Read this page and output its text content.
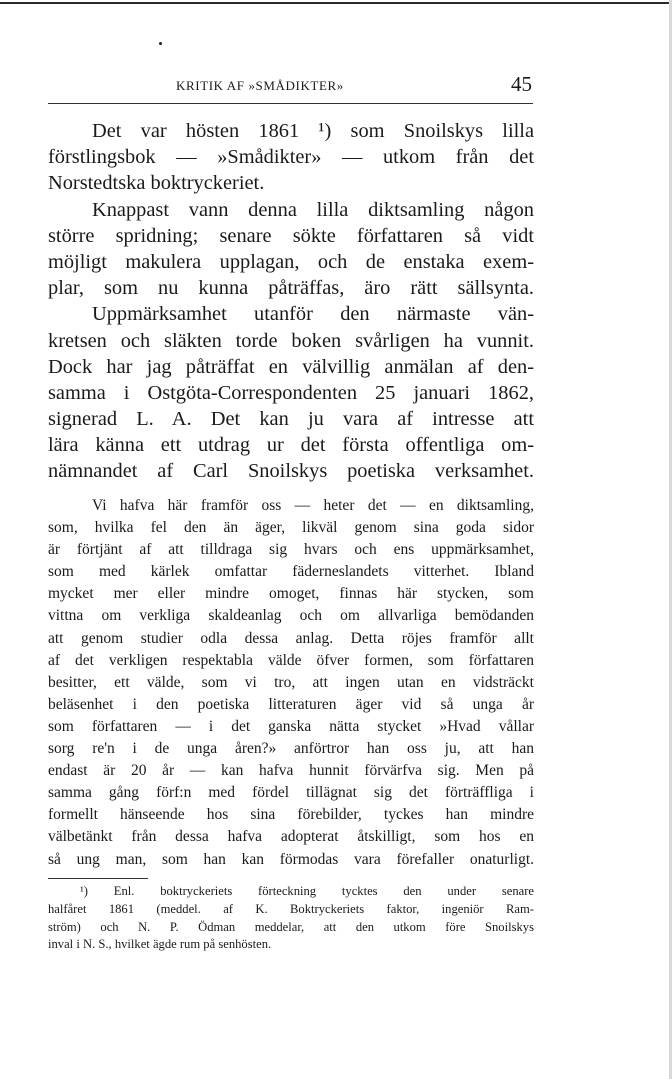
KRITIK AF »SMÅDIKTER»	45
Det var hösten 1861 ¹) som Snoilskys lilla
förstlingsbok — »Smådikter» — utkom från det
Norstedtska boktryckeriet.
Knappast vann denna lilla diktsamling någon
större spridning; senare sökte författaren så vidt
möjligt makulera upplagan, och de enstaka exem-
plar, som nu kunna påträffas, äro rätt sällsynta.
Uppmärksamhet utanför den närmaste vän-
kretsen och släkten torde boken svårligen ha vunnit.
Dock har jag påträffat en välvillig anmälan af den-
samma i Ostgöta-Correspondenten 25 januari 1862,
signerad L. A. Det kan ju vara af intresse att
lära känna ett utdrag ur det första offentliga om-
nämnandet af Carl Snoilskys poetiska verksamhet.
Vi hafva här framför oss — heter det — en diktsamling,
som, hvilka fel den än äger, likväl genom sina goda sidor
är förtjänt af att tilldraga sig hvars och ens uppmärksamhet,
som med kärlek omfattar fäderneslandets vitterhet. Ibland
mycket mer eller mindre omoget, finnas här stycken, som
vittna om verkliga skaldeanlag och om allvarliga bemödanden
att genom studier odla dessa anlag. Detta röjes framför allt
af det verkligen respektabla välde öfver formen, som författaren
besitter, ett välde, som vi tro, att ingen utan en vidsträckt
beläsenhet i den poetiska litteraturen äger vid så unga år
som författaren — i det ganska nätta stycket »Hvad vållar
sorg re'n i de unga åren?» anförtror han oss ju, att han
endast är 20 år — kan hafva hunnit förvärfva sig. Men på
samma gång förf:n med fördel tillägnat sig det förträffliga i
formellt hänseende hos sina förebilder, tyckes han mindre
välbetänkt från dessa hafva adopterat åtskilligt, som hos en
så ung man, som han kan förmodas vara förefaller onaturligt.
¹) Enl. boktryckeriets förteckning tycktes den under senare
halfåret 1861 (meddel. af K. Boktryckeriets faktor, ingeniör Ram-
ström) och N. P. Ödman meddelar, att den utkom före Snoilskys
inval i N. S., hvilket ägde rum på senhösten.
